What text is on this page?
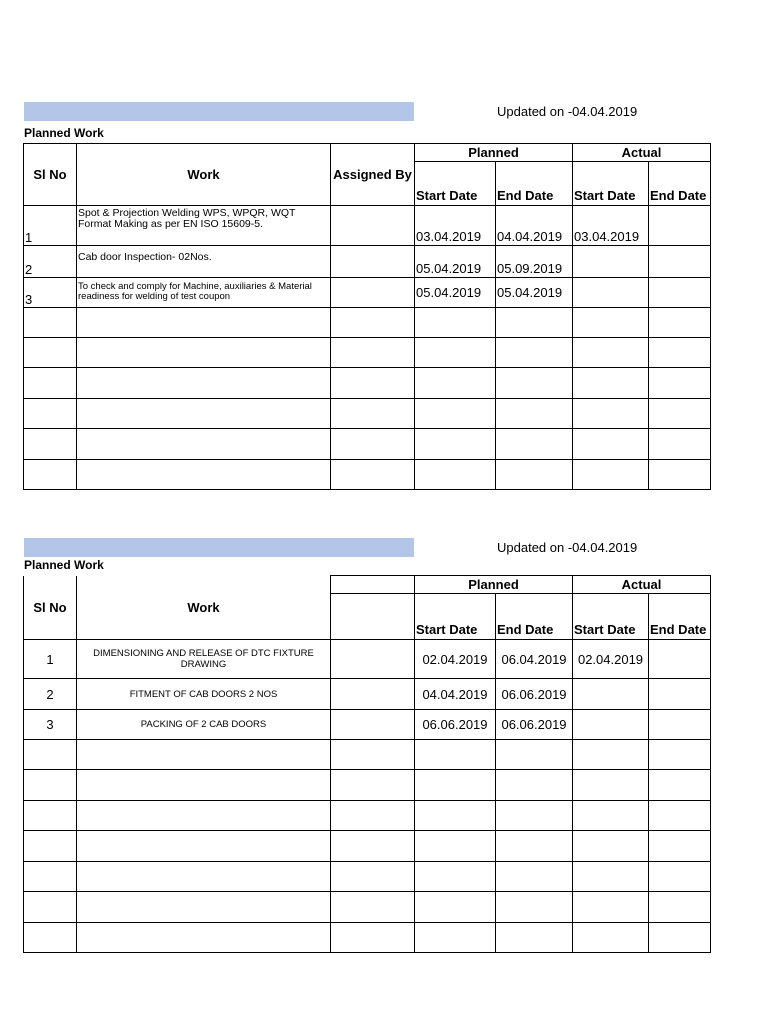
Updated on -04.04.2019
Planned Work
Sl No	Work	Assigned By	Planned		Actual	
			Start Date	End Date	Start Date	End Date
1	Spot & Projection Welding WPS, WPQR, WQT Format Making as per EN ISO 15609-5.		03.04.2019	04.04.2019	03.04.2019	
2	Cab door Inspection- 02Nos.		05.04.2019	05.09.2019		
3	To check and comply for Machine, auxiliaries & Material readiness for welding of test coupon		05.04.2019	05.04.2019		

Updated on -04.04.2019
Planned Work
Sl No	Work		Planned		Actual	
			Start Date	End Date	Start Date	End Date
1	DIMENSIONING AND RELEASE OF DTC FIXTURE DRAWING		02.04.2019	06.04.2019	02.04.2019	
2	FITMENT OF CAB DOORS 2 NOS		04.04.2019	06.06.2019		
3	PACKING OF 2 CAB DOORS		06.06.2019	06.06.2019		
